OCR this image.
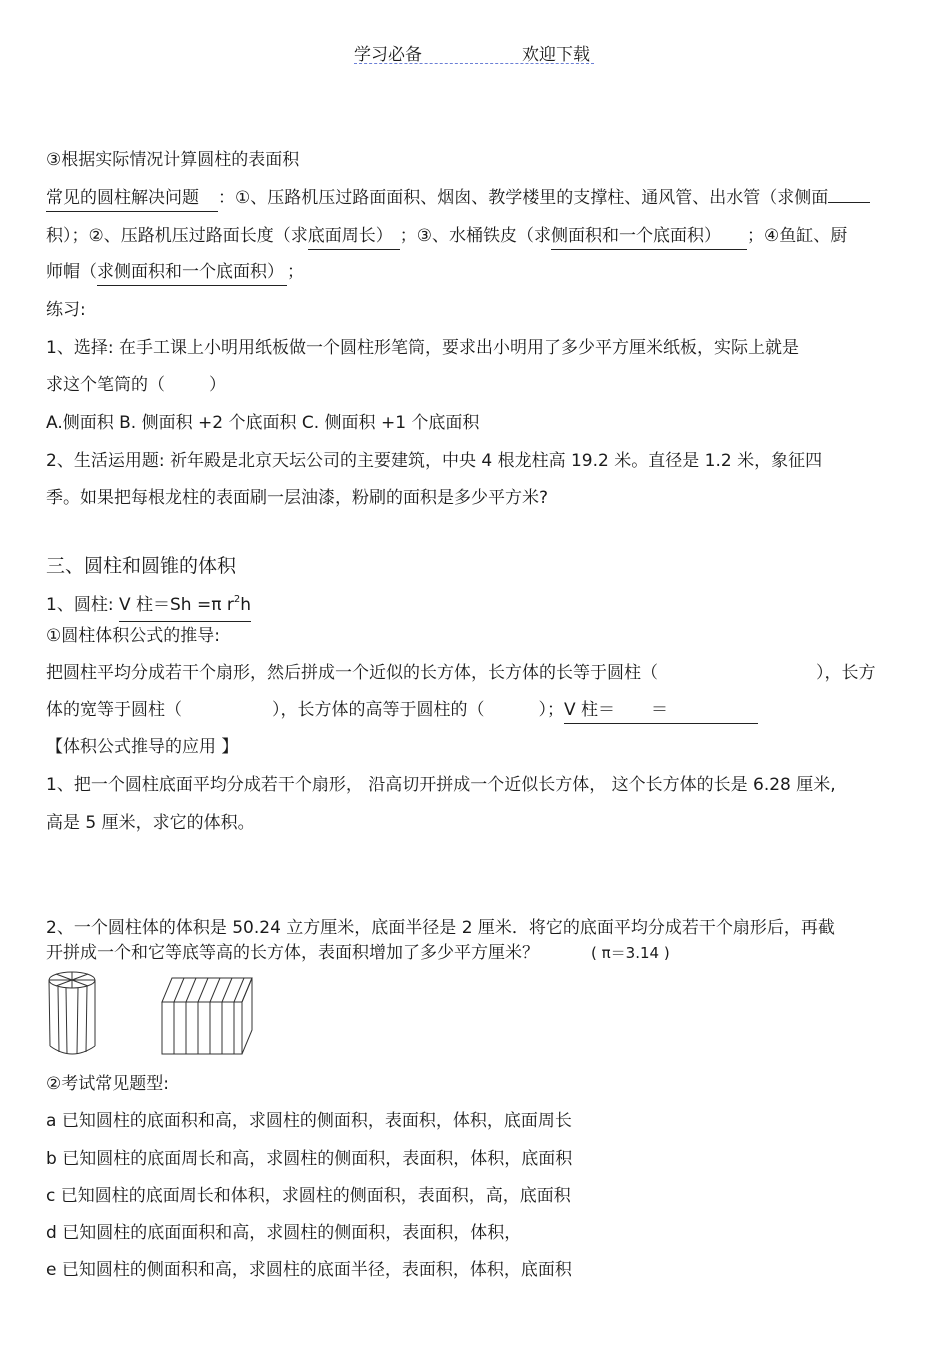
学习必备	欢迎下载
③根据实际情况计算圆柱的表面积
常见的圆柱解决问题 ：①、压路机压过路面面积、烟囱、教学楼里的支撑柱、通风管、出水管（求侧面
积）；②、压路机压过路面长度（求底面周长） ；③、水桶铁皮（求侧面积和一个底面积） ；④鱼缸、厨
师帽（求侧面积和一个底面积） ；
练习:
1、选择: 在手工课上小明用纸板做一个圆柱形笔筒，要求出小明用了多少平方厘米纸板，实际上就是
求这个笔筒的（	）
A.侧面积 B. 侧面积 +2 个底面积 C. 侧面积 +1 个底面积
2、生活运用题: 祈年殿是北京天坛公司的主要建筑，中央 4 根龙柱高 19.2 米。直径是 1.2 米，象征四
季。如果把每根龙柱的表面刷一层油漆，粉刷的面积是多少平方米?
三、圆柱和圆锥的体积
1、圆柱: V 柱＝Sh =π $r^2h$
①圆柱体积公式的推导:
把圆柱平均分成若干个扇形，然后拼成一个近似的长方体，长方体的长等于圆柱（	），长方
体的宽等于圆柱（	），长方体的高等于圆柱的（	）；V 柱＝ ＝
【体积公式推导的应用 】
1、把一个圆柱底面平均分成若干个扇形， 沿高切开拼成一个近似长方体， 这个长方体的长是 6.28 厘米,
高是 5 厘米，求它的体积。
2、一个圆柱体的体积是 50.24 立方厘米，底面半径是 2 厘米．将它的底面平均分成若干个扇形后，再截
开拼成一个和它等底等高的长方体，表面积增加了多少平方厘米？	( π＝3.14 )
②考试常见题型:
a 已知圆柱的底面积和高，求圆柱的侧面积，表面积，体积，底面周长
b 已知圆柱的底面周长和高，求圆柱的侧面积，表面积，体积，底面积
c 已知圆柱的底面周长和体积，求圆柱的侧面积，表面积，高，底面积
d 已知圆柱的底面面积和高，求圆柱的侧面积，表面积，体积，
e 已知圆柱的侧面积和高，求圆柱的底面半径，表面积，体积，底面积
